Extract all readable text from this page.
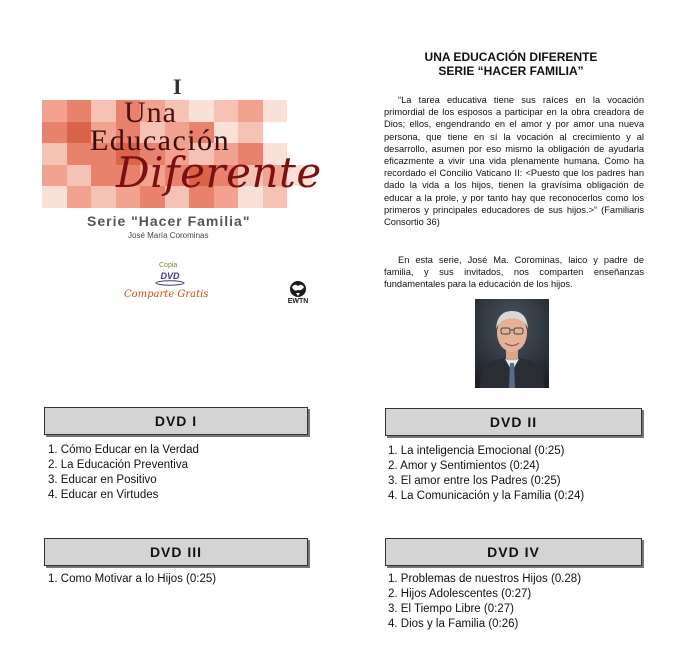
I
Una
Educación
Diferente
Serie "Hacer Familia"
José María Corominas
Copia
DVD
Comparte Gratis
EWTN
UNA EDUCACIÓN DIFERENTE
SERIE “HACER FAMILIA”

“La tarea educativa tiene sus raíces en la vocación primordial de los esposos a participar en la obra creadora de Dios; ellos, engendrando en el amor y por amor una nueva persona, que tiene en sí la vocación al crecimiento y al desarrollo, asumen por eso mismo la obligación de ayudarla eficazmente a vivir una vida plenamente humana. Como ha recordado el Concilio Vaticano II: <Puesto que los padres han dado la vida a los hijos, tienen la gravísima obligación de educar a la prole, y por tanto hay que reconocerlos como los primeros y principales educadores de sus hijos.>“ (Familiaris Consortio 36)

En esta serie, José Ma. Corominas, laico y padre de familia, y sus invitados, nos comparten enseñanzas fundamentales para la educación de los hijos.

DVD I
1. Cómo Educar en la Verdad
2. La Educación Preventiva
3. Educar en Positivo
4. Educar en Virtudes
DVD II
1. La inteligencia Emocional (0:25)
2. Amor y Sentimientos (0:24)
3. El amor entre los Padres (0:25)
4. La Comunicación y la Familia (0:24)
DVD III
1. Como Motivar a lo Hijos (0:25)
DVD IV
1. Problemas de nuestros Hijos (0.28)
2. Hijos Adolescentes (0:27)
3. El Tiempo Libre (0:27)
4. Dios y la Familia (0:26)
